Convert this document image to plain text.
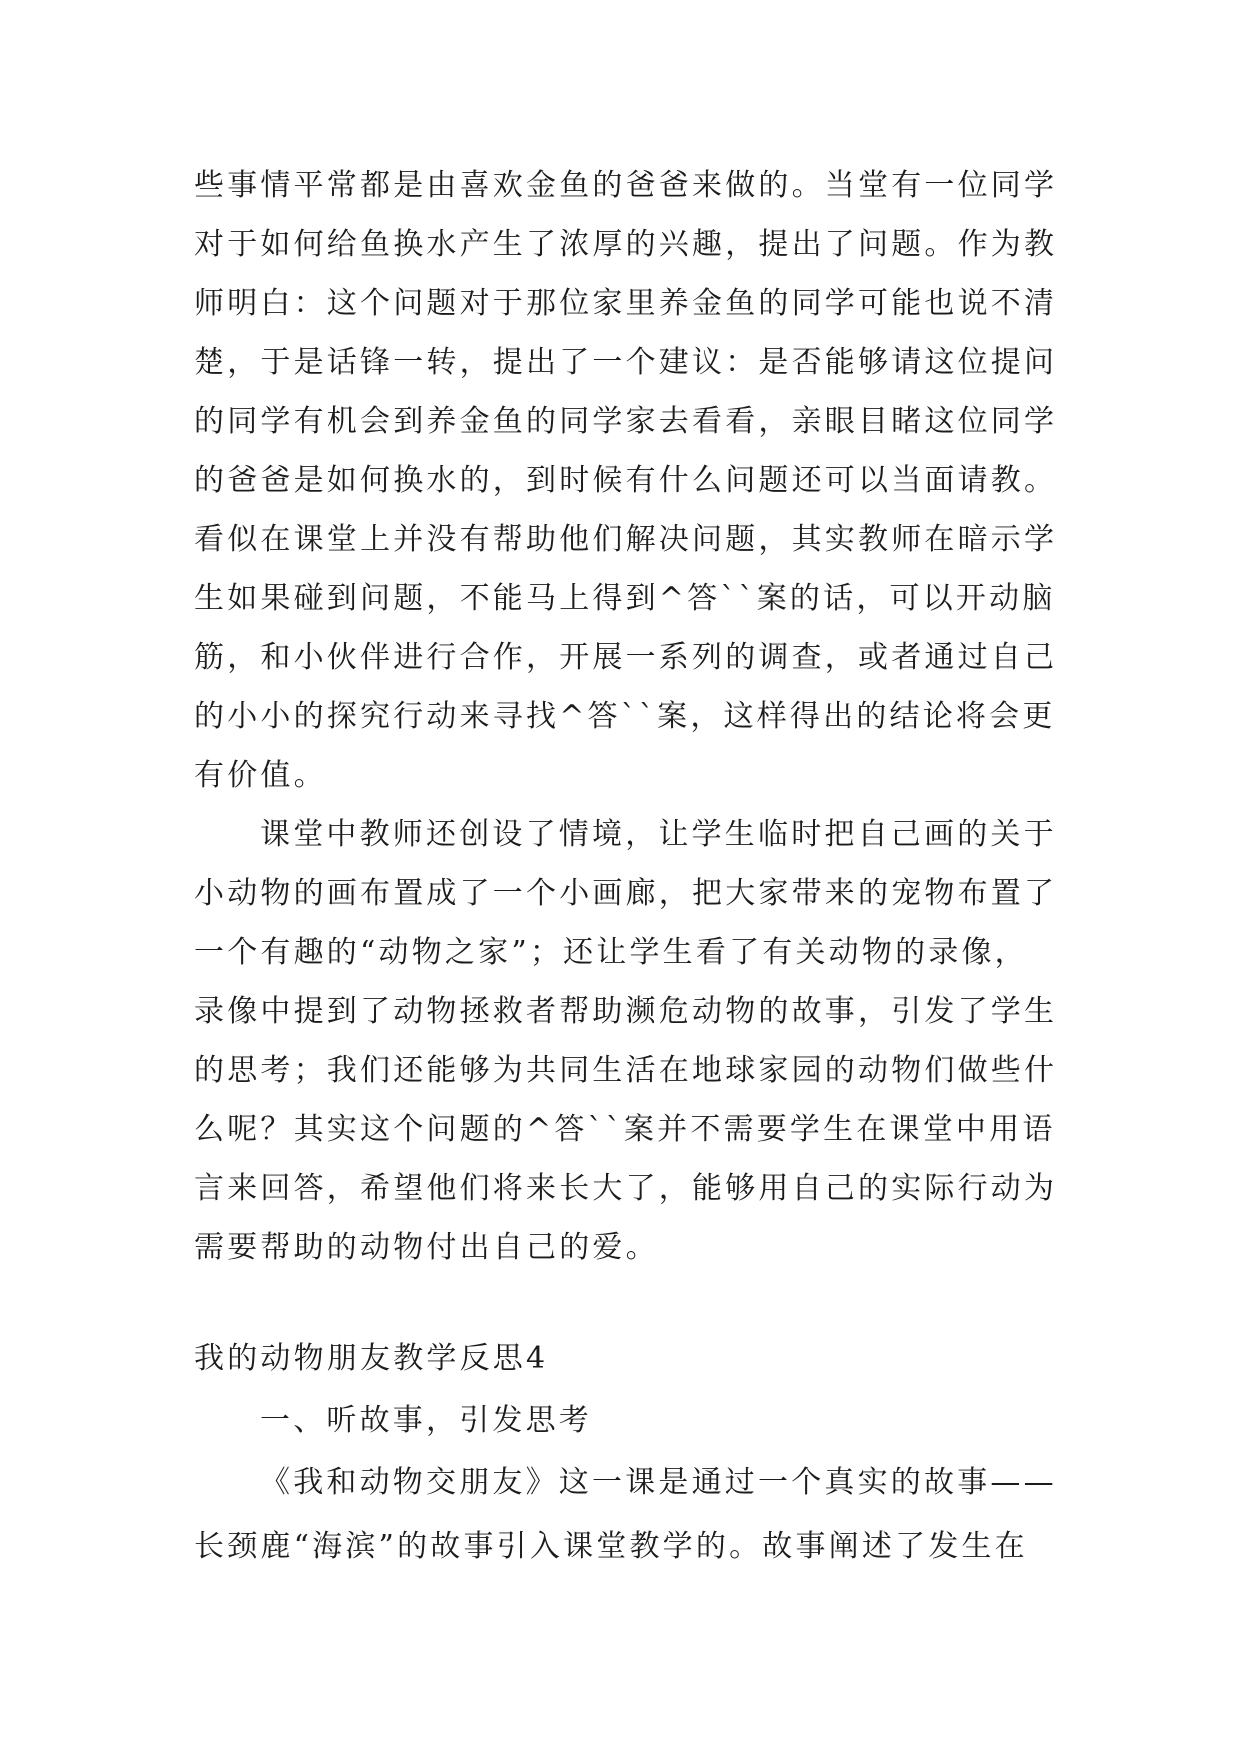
些事情平常都是由喜欢金鱼的爸爸来做的。当堂有一位同学
对于如何给鱼换水产生了浓厚的兴趣，提出了问题。作为教
师明白：这个问题对于那位家里养金鱼的同学可能也说不清
楚，于是话锋一转，提出了一个建议：是否能够请这位提问
的同学有机会到养金鱼的同学家去看看，亲眼目睹这位同学
的爸爸是如何换水的，到时候有什么问题还可以当面请教。
看似在课堂上并没有帮助他们解决问题，其实教师在暗示学
生如果碰到问题，不能马上得到^答``案的话，可以开动脑
筋，和小伙伴进行合作，开展一系列的调查，或者通过自己
的小小的探究行动来寻找^答``案，这样得出的结论将会更
有价值。
课堂中教师还创设了情境，让学生临时把自己画的关于
小动物的画布置成了一个小画廊，把大家带来的宠物布置了
一个有趣的“动物之家”；还让学生看了有关动物的录像，
录像中提到了动物拯救者帮助濒危动物的故事，引发了学生
的思考；我们还能够为共同生活在地球家园的动物们做些什
么呢？其实这个问题的^答``案并不需要学生在课堂中用语
言来回答，希望他们将来长大了，能够用自己的实际行动为
需要帮助的动物付出自己的爱。
我的动物朋友教学反思4
一、听故事，引发思考
《我和动物交朋友》这一课是通过一个真实的故事——
长颈鹿“海滨”的故事引入课堂教学的。故事阐述了发生在
